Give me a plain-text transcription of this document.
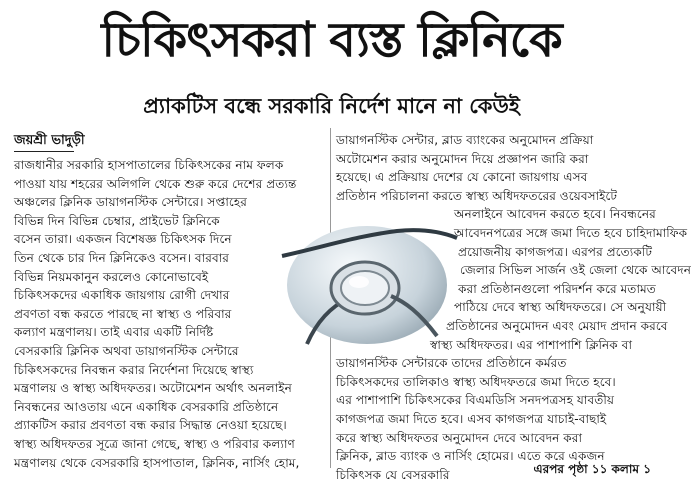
চিকিৎসকরা ব্যস্ত ক্লিনিকে
প্র্যাকটিস বন্ধে সরকারি নির্দেশ মানে না কেউই
জয়শ্রী ভাদুড়ী
রাজধানীর সরকারি হাসপাতালের চিকিৎসকের নাম ফলক
পাওয়া যায় শহরের অলিগলি থেকে শুরু করে দেশের প্রত্যন্ত
অঞ্চলের ক্লিনিক ডায়াগনস্টিক সেন্টারে। সপ্তাহের
বিভিন্ন দিন বিভিন্ন চেম্বার, প্রাইভেট ক্লিনিকে
বসেন তারা। একজন বিশেষজ্ঞ চিকিৎসক দিনে
তিন থেকে চার দিন ক্লিনিকেও বসেন। বারবার
বিভিন্ন নিয়মকানুন করলেও কোনোভাবেই
চিকিৎসকদের একাধিক জায়গায় রোগী দেখার
প্রবণতা বন্ধ করতে পারছে না স্বাস্থ্য ও পরিবার
কল্যাণ মন্ত্রণালয়। তাই এবার একটি নির্দিষ্ট
বেসরকারি ক্লিনিক অথবা ডায়াগনস্টিক সেন্টারে
চিকিৎসকদের নিবন্ধন করার নির্দেশনা দিয়েছে স্বাস্থ্য
মন্ত্রণালয় ও স্বাস্থ্য অধিদফতর। অটোমেশন অর্থাৎ অনলাইন
নিবন্ধনের আওতায় এনে একাধিক বেসরকারি প্রতিষ্ঠানে
প্র্যাকটিস করার প্রবণতা বন্ধ করার সিদ্ধান্ত নেওয়া হয়েছে।
স্বাস্থ্য অধিদফতর সূত্রে জানা গেছে, স্বাস্থ্য ও পরিবার কল্যাণ
মন্ত্রণালয় থেকে বেসরকারি হাসপাতাল, ক্লিনিক, নার্সিং হোম,
ডায়াগনস্টিক সেন্টার, ব্লাড ব্যাংকের অনুমোদন প্রক্রিয়া
অটোমেশন করার অনুমোদন দিয়ে প্রজ্ঞাপন জারি করা
হয়েছে। এ প্রক্রিয়ায় দেশের যে কোনো জায়গায় এসব
প্রতিষ্ঠান পরিচালনা করতে স্বাস্থ্য অধিদফতরের ওয়েবসাইটে
অনলাইনে আবেদন করতে হবে। নিবন্ধনের
আবেদনপত্রের সঙ্গে জমা দিতে হবে চাহিদামাফিক
প্রয়োজনীয় কাগজপত্র। এরপর প্রত্যেকটি
জেলার সিভিল সার্জন ওই জেলা থেকে আবেদন
করা প্রতিষ্ঠানগুলো পরিদর্শন করে মতামত
পাঠিয়ে দেবে স্বাস্থ্য অধিদফতরে। সে অনুযায়ী
প্রতিষ্ঠানের অনুমোদন এবং মেয়াদ প্রদান করবে
স্বাস্থ্য অধিদফতর। এর পাশাপাশি ক্লিনিক বা
ডায়াগনস্টিক সেন্টারকে তাদের প্রতিষ্ঠানে কর্মরত
চিকিৎসকদের তালিকাও স্বাস্থ্য অধিদফতরে জমা দিতে হবে।
এর পাশাপাশি চিকিৎসকের বিএমডিসি সনদপত্রসহ যাবতীয়
কাগজপত্র জমা দিতে হবে। এসব কাগজপত্র যাচাই-বাছাই
করে স্বাস্থ্য অধিদফতর অনুমোদন দেবে আবেদন করা
ক্লিনিক, ব্লাড ব্যাংক ও নার্সিং হোমের। এতে করে একজন
চিকিৎসক যে বেসরকারি	এরপর পৃষ্ঠা ১১ কলাম ১
